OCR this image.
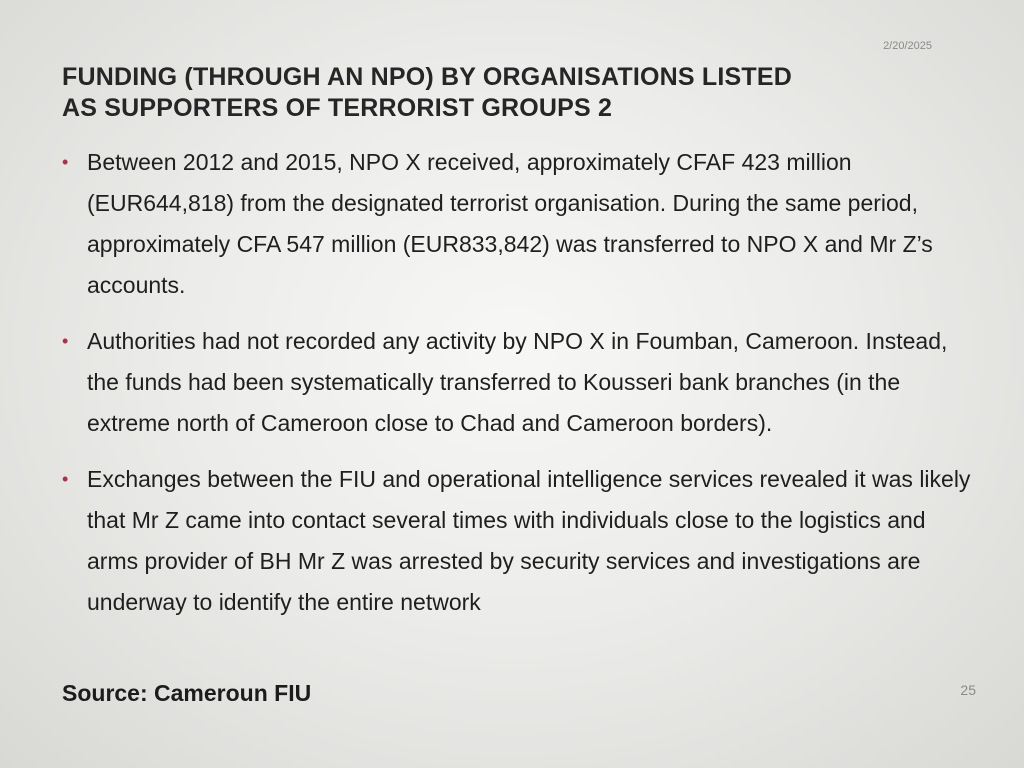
2/20/2025
FUNDING (THROUGH AN NPO) BY ORGANISATIONS LISTED
AS SUPPORTERS OF TERRORIST GROUPS 2
• Between 2012 and 2015, NPO X received, approximately CFAF 423 million (EUR644,818) from the designated terrorist organisation. During the same period, approximately CFA 547 million (EUR833,842) was transferred to NPO X and Mr Z’s accounts.
• Authorities had not recorded any activity by NPO X in Foumban, Cameroon. Instead, the funds had been systematically transferred to Kousseri bank branches (in the extreme north of Cameroon close to Chad and Cameroon borders).
• Exchanges between the FIU and operational intelligence services revealed it was likely that Mr Z came into contact several times with individuals close to the logistics and arms provider of BH Mr Z was arrested by security services and investigations are underway to identify the entire network
Source: Cameroun FIU	25
